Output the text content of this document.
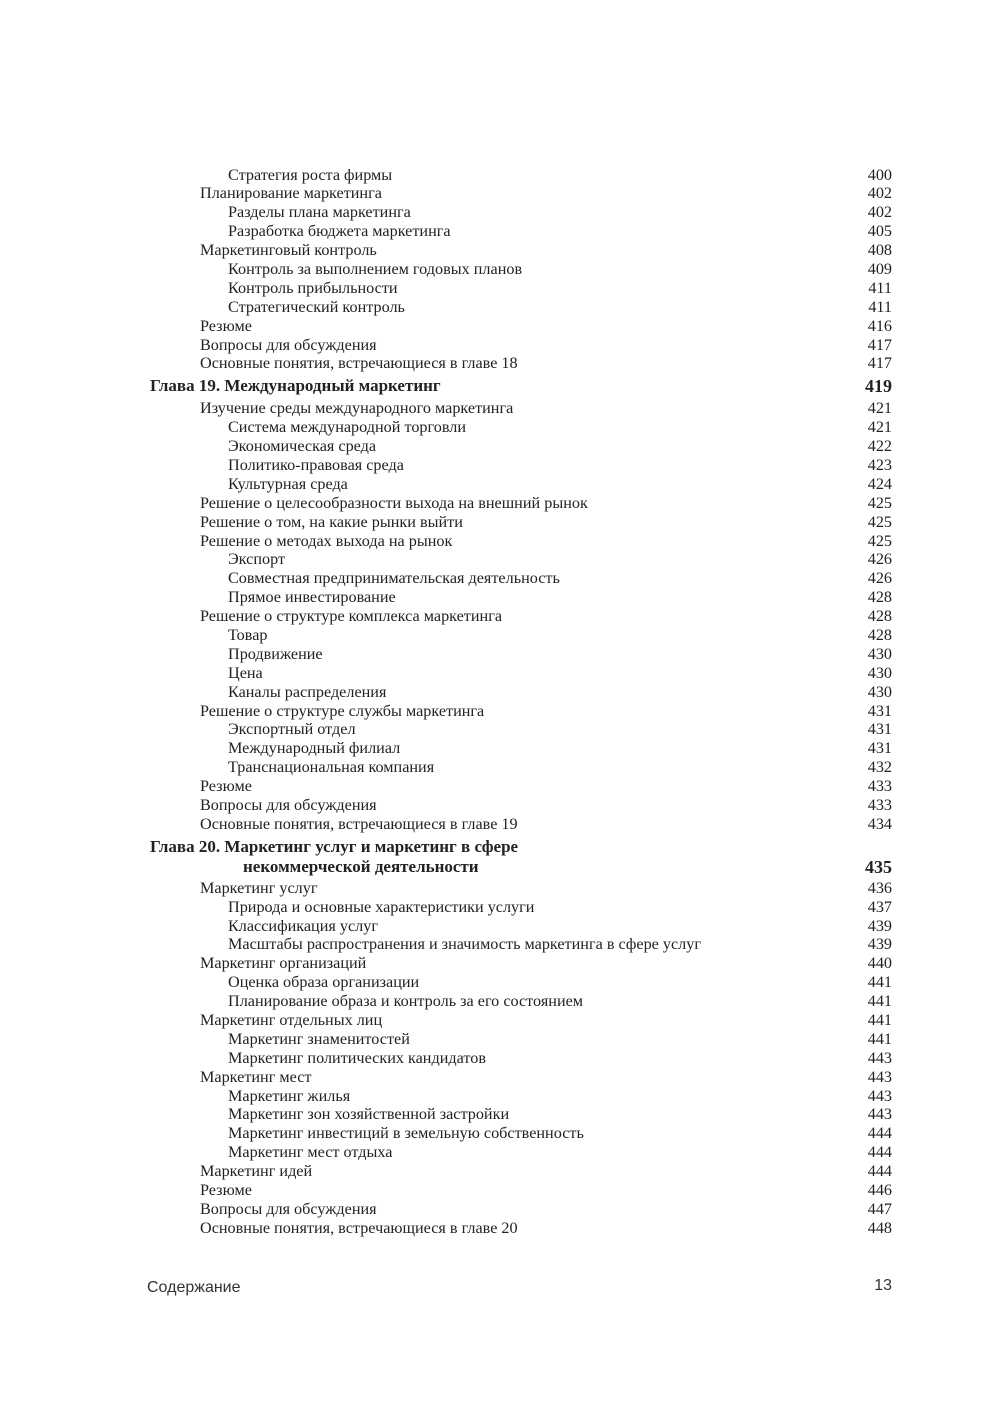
Стратегия роста фирмы	400
Планирование маркетинга	402
Разделы плана маркетинга	402
Разработка бюджета маркетинга	405
Маркетинговый контроль	408
Контроль за выполнением годовых планов	409
Контроль прибыльности	411
Стратегический контроль	411
Резюме	416
Вопросы для обсуждения	417
Основные понятия, встречающиеся в главе 18	417
Глава 19. Международный маркетинг	419
Изучение среды международного маркетинга	421
Система международной торговли	421
Экономическая среда	422
Политико-правовая среда	423
Культурная среда	424
Решение о целесообразности выхода на внешний рынок	425
Решение о том, на какие рынки выйти	425
Решение о методах выхода на рынок	425
Экспорт	426
Совместная предпринимательская деятельность	426
Прямое инвестирование	428
Решение о структуре комплекса маркетинга	428
Товар	428
Продвижение	430
Цена	430
Каналы распределения	430
Решение о структуре службы маркетинга	431
Экспортный отдел	431
Международный филиал	431
Транснациональная компания	432
Резюме	433
Вопросы для обсуждения	433
Основные понятия, встречающиеся в главе 19	434
Глава 20. Маркетинг услуг и маркетинг в сфере
некоммерческой деятельности	435
Маркетинг услуг	436
Природа и основные характеристики услуги	437
Классификация услуг	439
Масштабы распространения и значимость маркетинга в сфере услуг	439
Маркетинг организаций	440
Оценка образа организации	441
Планирование образа и контроль за его состоянием	441
Маркетинг отдельных лиц	441
Маркетинг знаменитостей	441
Маркетинг политических кандидатов	443
Маркетинг мест	443
Маркетинг жилья	443
Маркетинг зон хозяйственной застройки	443
Маркетинг инвестиций в земельную собственность	444
Маркетинг мест отдыха	444
Маркетинг идей	444
Резюме	446
Вопросы для обсуждения	447
Основные понятия, встречающиеся в главе 20	448
Содержание	13
